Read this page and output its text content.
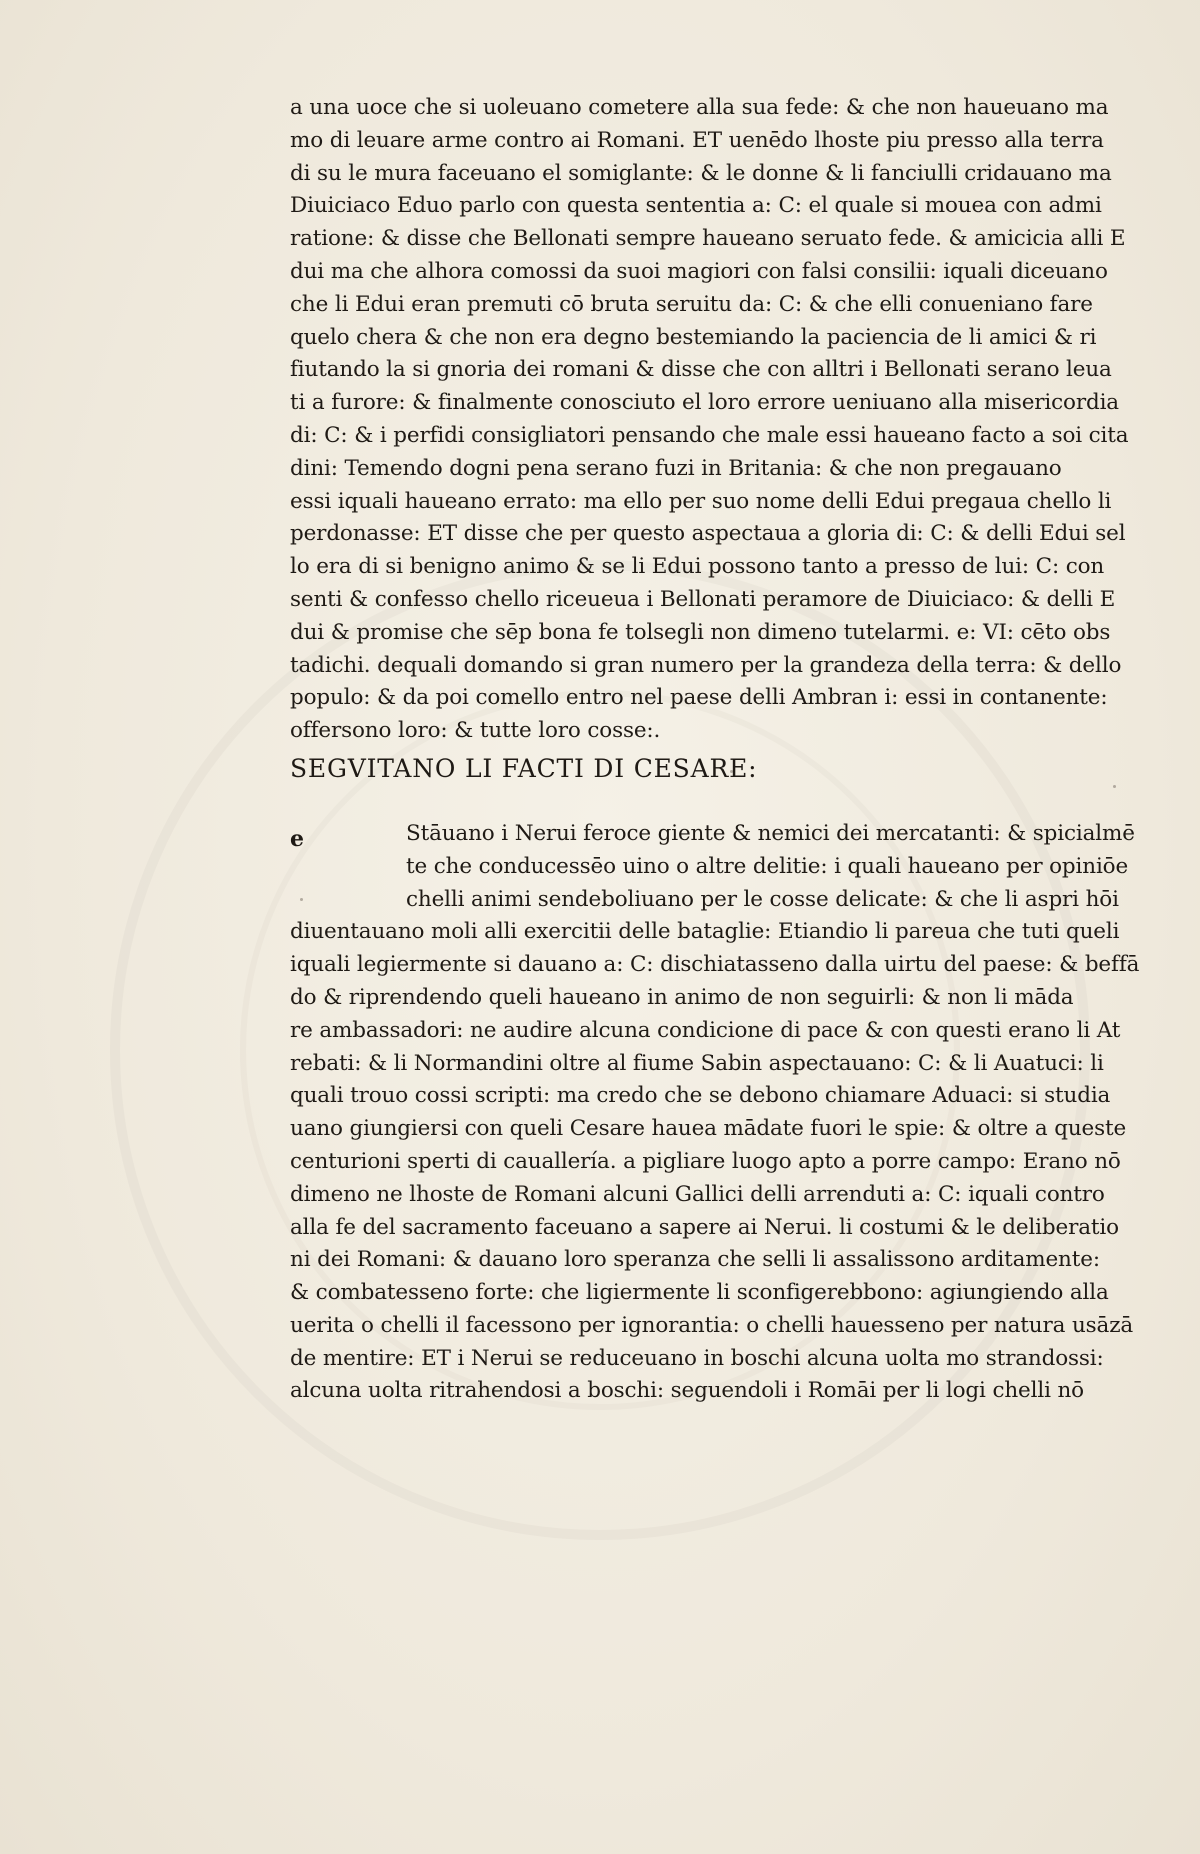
a una uoce che si uoleuano cometere alla sua fede: & che non haueuano ma
mo di leuare arme contro ai Romani. ET uenēdo lhoste piu presso alla terra
di su le mura faceuano el somiglante: & le donne & li fanciulli cridauano ma
Diuiciaco Eduo parlo con questa sententia a: C: el quale si mouea con admi
ratione: & disse che Bellonati sempre haueano seruato fede. & amicicia alli E
dui ma che alhora comossi da suoi magiori con falsi consilii: iquali diceuano
che li Edui eran premuti cō bruta seruitu da: C: & che elli conueniano fare
quelo chera & che non era degno bestemiando la paciencia de li amici & ri
fiutando la si gnoria dei romani & disse che con alltri i Bellonati serano leua
ti a furore: & finalmente conosciuto el loro errore ueniuano alla misericordia
di: C: & i perfidi consigliatori pensando che male essi haueano facto a soi cita
dini: Temendo dogni pena serano fuzi in Britania: & che non pregauano
essi iquali haueano errato: ma ello per suo nome delli Edui pregaua chello li
perdonasse: ET disse che per questo aspectaua a gloria di: C: & delli Edui sel
lo era di si benigno animo & se li Edui possono tanto a presso de lui: C: con
senti & confesso chello riceueua i Bellonati peramore de Diuiciaco: & delli E
dui & promise che sēp bona fe tolsegli non dimeno tutelarmi. e: VI: cēto obs
tadichi. dequali domando si gran numero per la grandeza della terra: & dello
populo: & da poi comello entro nel paese delli Ambran i: essi in contanente:
offersono loro: & tutte loro cosse:.
SEGVITANO LI FACTI DI CESARE:
e	Stāuano i Nerui feroce giente & nemici dei mercatanti: & spicialmē
te che conducessēo uino o altre delitie: i quali haueano per opiniōe
chelli animi sendeboliuano per le cosse delicate: & che li aspri hōi
diuentauano moli alli exercitii delle bataglie: Etiandio li pareua che tuti queli
iquali legiermente si dauano a: C: dischiatasseno dalla uirtu del paese: & beffā
do & riprendendo queli haueano in animo de non seguirli: & non li māda
re ambassadori: ne audire alcuna condicione di pace & con questi erano li At
rebati: & li Normandini oltre al fiume Sabin aspectauano: C: & li Auatuci: li
quali trouo cossi scripti: ma credo che se debono chiamare Aduaci: si studia
uano giungiersi con queli Cesare hauea mādate fuori le spie: & oltre a queste
centurioni sperti di cauallería. a pigliare luogo apto a porre campo: Erano nō
dimeno ne lhoste de Romani alcuni Gallici delli arrenduti a: C: iquali contro
alla fe del sacramento faceuano a sapere ai Nerui. li costumi & le deliberatio
ni dei Romani: & dauano loro speranza che selli li assalissono arditamente:
& combatesseno forte: che ligiermente li sconfigerebbono: agiungiendo alla
uerita o chelli il facessono per ignorantia: o chelli hauesseno per natura usāzā
de mentire: ET i Nerui se reduceuano in boschi alcuna uolta mo strandossi:
alcuna uolta ritrahendosi a boschi: seguendoli i Romāi per li logi chelli nō
